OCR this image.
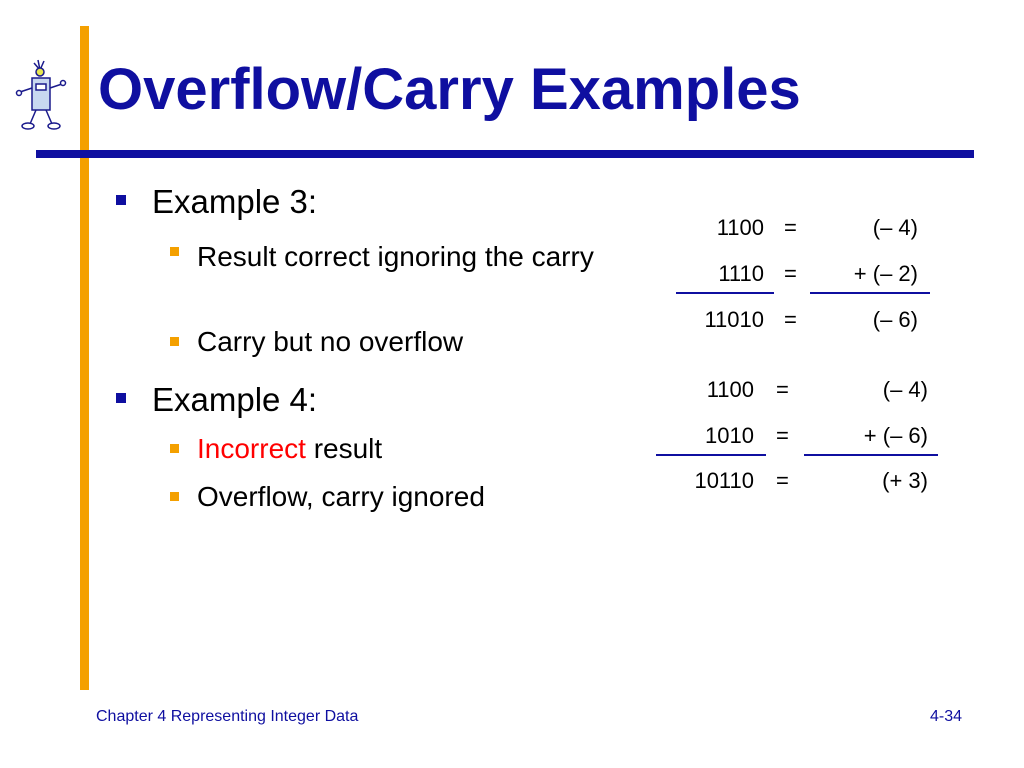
Overflow/Carry Examples
Example 3:
Result correct ignoring the carry
Carry but no overflow
Example 4:
Incorrect result
Overflow, carry ignored
1100 =	(– 4)
1110 =	+ (– 2)
11010 =	(– 6)
1100 =	(– 4)
1010 =	+ (– 6)
10110 =	(+ 3)
Chapter 4 Representing Integer Data	4-34
